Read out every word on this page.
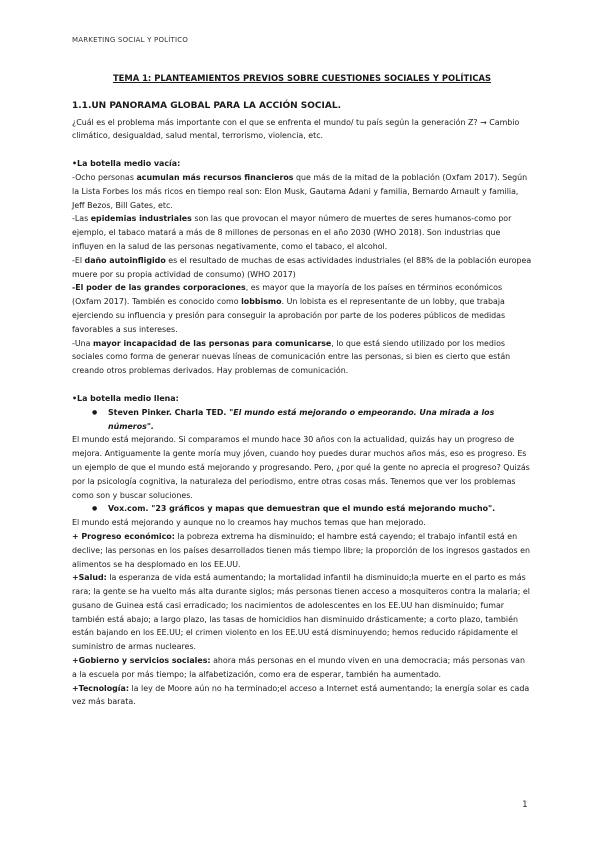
MARKETING SOCIAL Y POLÍTICO
TEMA 1: PLANTEAMIENTOS PREVIOS SOBRE CUESTIONES SOCIALES Y POLÍTICAS
1.1.UN PANORAMA GLOBAL PARA LA ACCIÓN SOCIAL.

¿Cuál es el problema más importante con el que se enfrenta el mundo/ tu país según la generación Z? → Cambio climático, desigualdad, salud mental, terrorismo, violencia, etc.

•La botella medio vacía:

-Ocho personas acumulan más recursos financieros que más de la mitad de la población (Oxfam 2017). Según la Lista Forbes los más ricos en tiempo real son: Elon Musk, Gautama Adani y familia, Bernardo Arnault y familia, Jeff Bezos, Bill Gates, etc.

-Las epidemias industriales son las que provocan el mayor número de muertes de seres humanos-como por ejemplo, el tabaco matará a más de 8 millones de personas en el año 2030 (WHO 2018). Son industrias que influyen en la salud de las personas negativamente, como el tabaco, el alcohol.

-El daño autoinfligido es el resultado de muchas de esas actividades industriales (el 88% de la población europea muere por su propia actividad de consumo) (WHO 2017)

-El poder de las grandes corporaciones, es mayor que la mayoría de los países en términos económicos (Oxfam 2017). También es conocido como lobbismo. Un lobista es el representante de un lobby, que trabaja ejerciendo su influencia y presión para conseguir la aprobación por parte de los poderes públicos de medidas favorables a sus intereses.

-Una mayor incapacidad de las personas para comunicarse, lo que está siendo utilizado por los medios sociales como forma de generar nuevas líneas de comunicación entre las personas, si bien es cierto que están creando otros problemas derivados. Hay problemas de comunicación.

•La botella medio llena:

● Steven Pinker. Charla TED. "El mundo está mejorando o empeorando. Una mirada a los números".

El mundo está mejorando. Si comparamos el mundo hace 30 años con la actualidad, quizás hay un progreso de mejora. Antiguamente la gente moría muy jóven, cuando hoy puedes durar muchos años más, eso es progreso. Es un ejemplo de que el mundo está mejorando y progresando. Pero, ¿por qué la gente no aprecia el progreso? Quizás por la psicología cognitiva, la naturaleza del periodismo, entre otras cosas más. Tenemos que ver los problemas como son y buscar soluciones.

● Vox.com. "23 gráficos y mapas que demuestran que el mundo está mejorando mucho".

El mundo está mejorando y aunque no lo creamos hay muchos temas que han mejorado.

+ Progreso económico: la pobreza extrema ha disminuido; el hambre está cayendo; el trabajo infantil está en declive; las personas en los países desarrollados tienen más tiempo libre; la proporción de los ingresos gastados en alimentos se ha desplomado en los EE.UU.

+Salud: la esperanza de vida está aumentando; la mortalidad infantil ha disminuido;la muerte en el parto es más rara; la gente se ha vuelto más alta durante siglos; más personas tienen acceso a mosquiteros contra la malaria; el gusano de Guinea está casi erradicado; los nacimientos de adolescentes en los EE.UU han disminuido; fumar también está abajo; a largo plazo, las tasas de homicidios han disminuido drásticamente; a corto plazo, también están bajando en los EE.UU; el crimen violento en los EE.UU está disminuyendo; hemos reducido rápidamente el suministro de armas nucleares.

+Gobierno y servicios sociales: ahora más personas en el mundo viven en una democracia; más personas van a la escuela por más tiempo; la alfabetización, como era de esperar, también ha aumentado.

+Tecnología: la ley de Moore aún no ha terminado;el acceso a Internet está aumentando; la energía solar es cada vez más barata.

1
